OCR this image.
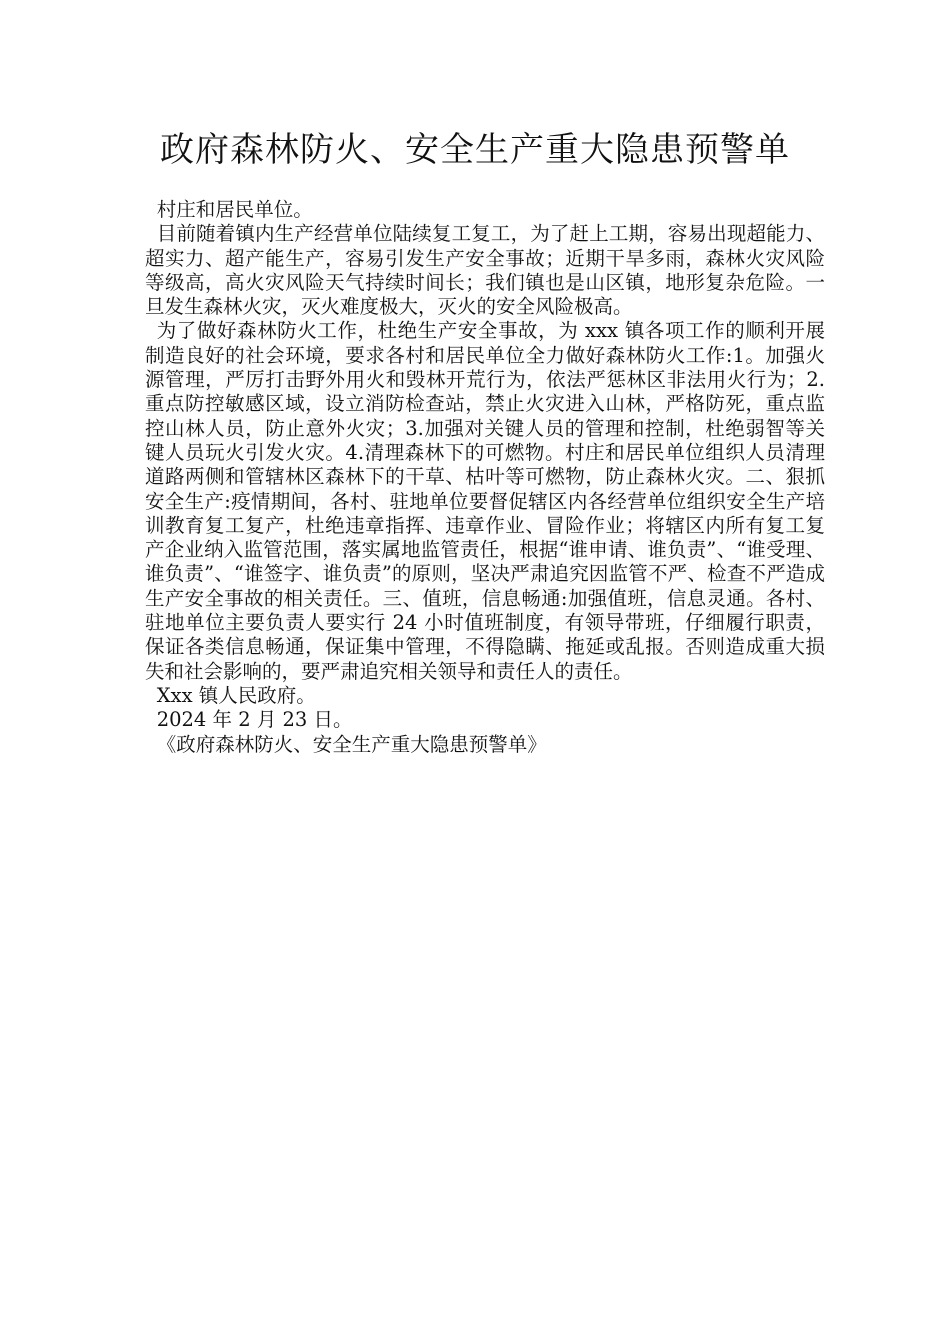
政府森林防火、安全生产重大隐患预警单

村庄和居民单位。

目前随着镇内生产经营单位陆续复工复工，为了赶上工期，容易出现超能力、超实力、超产能生产，容易引发生产安全事故；近期干旱多雨，森林火灾风险等级高，高火灾风险天气持续时间长；我们镇也是山区镇，地形复杂危险。一旦发生森林火灾，灭火难度极大，灭火的安全风险极高。

为了做好森林防火工作，杜绝生产安全事故，为 xxx 镇各项工作的顺利开展制造良好的社会环境，要求各村和居民单位全力做好森林防火工作:1。加强火源管理，严厉打击野外用火和毁林开荒行为，依法严惩林区非法用火行为；2.重点防控敏感区域，设立消防检查站，禁止火灾进入山林，严格防死，重点监控山林人员，防止意外火灾；3.加强对关键人员的管理和控制，杜绝弱智等关键人员玩火引发火灾。4.清理森林下的可燃物。村庄和居民单位组织人员清理道路两侧和管辖林区森林下的干草、枯叶等可燃物，防止森林火灾。二、狠抓安全生产:疫情期间，各村、驻地单位要督促辖区内各经营单位组织安全生产培训教育复工复产，杜绝违章指挥、违章作业、冒险作业；将辖区内所有复工复产企业纳入监管范围，落实属地监管责任，根据“谁申请、谁负责”、“谁受理、谁负责”、“谁签字、谁负责”的原则，坚决严肃追究因监管不严、检查不严造成生产安全事故的相关责任。三、值班，信息畅通:加强值班，信息灵通。各村、驻地单位主要负责人要实行 24 小时值班制度，有领导带班，仔细履行职责，保证各类信息畅通，保证集中管理，不得隐瞒、拖延或乱报。否则造成重大损失和社会影响的，要严肃追究相关领导和责任人的责任。

Xxx 镇人民政府。

2024 年 2 月 23 日。

《政府森林防火、安全生产重大隐患预警单》
